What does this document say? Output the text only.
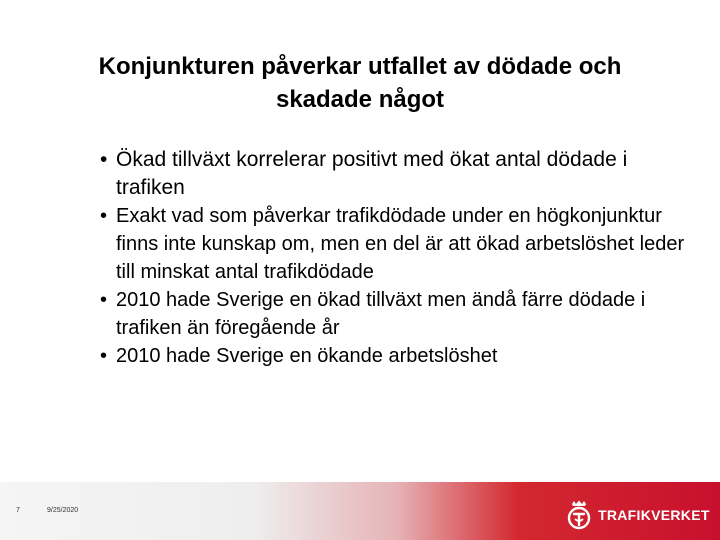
Konjunkturen påverkar utfallet av dödade och
skadade något
• Ökad tillväxt korrelerar positivt med ökat antal dödade i trafiken
• Exakt vad som påverkar trafikdödade under en högkonjunktur finns inte kunskap om, men en del är att ökad arbetslöshet leder till minskat antal trafikdödade
• 2010 hade Sverige en ökad tillväxt men ändå färre dödade i trafiken än föregående år
• 2010 hade Sverige en ökande arbetslöshet
7	9/25/2020	TRAFIKVERKET
